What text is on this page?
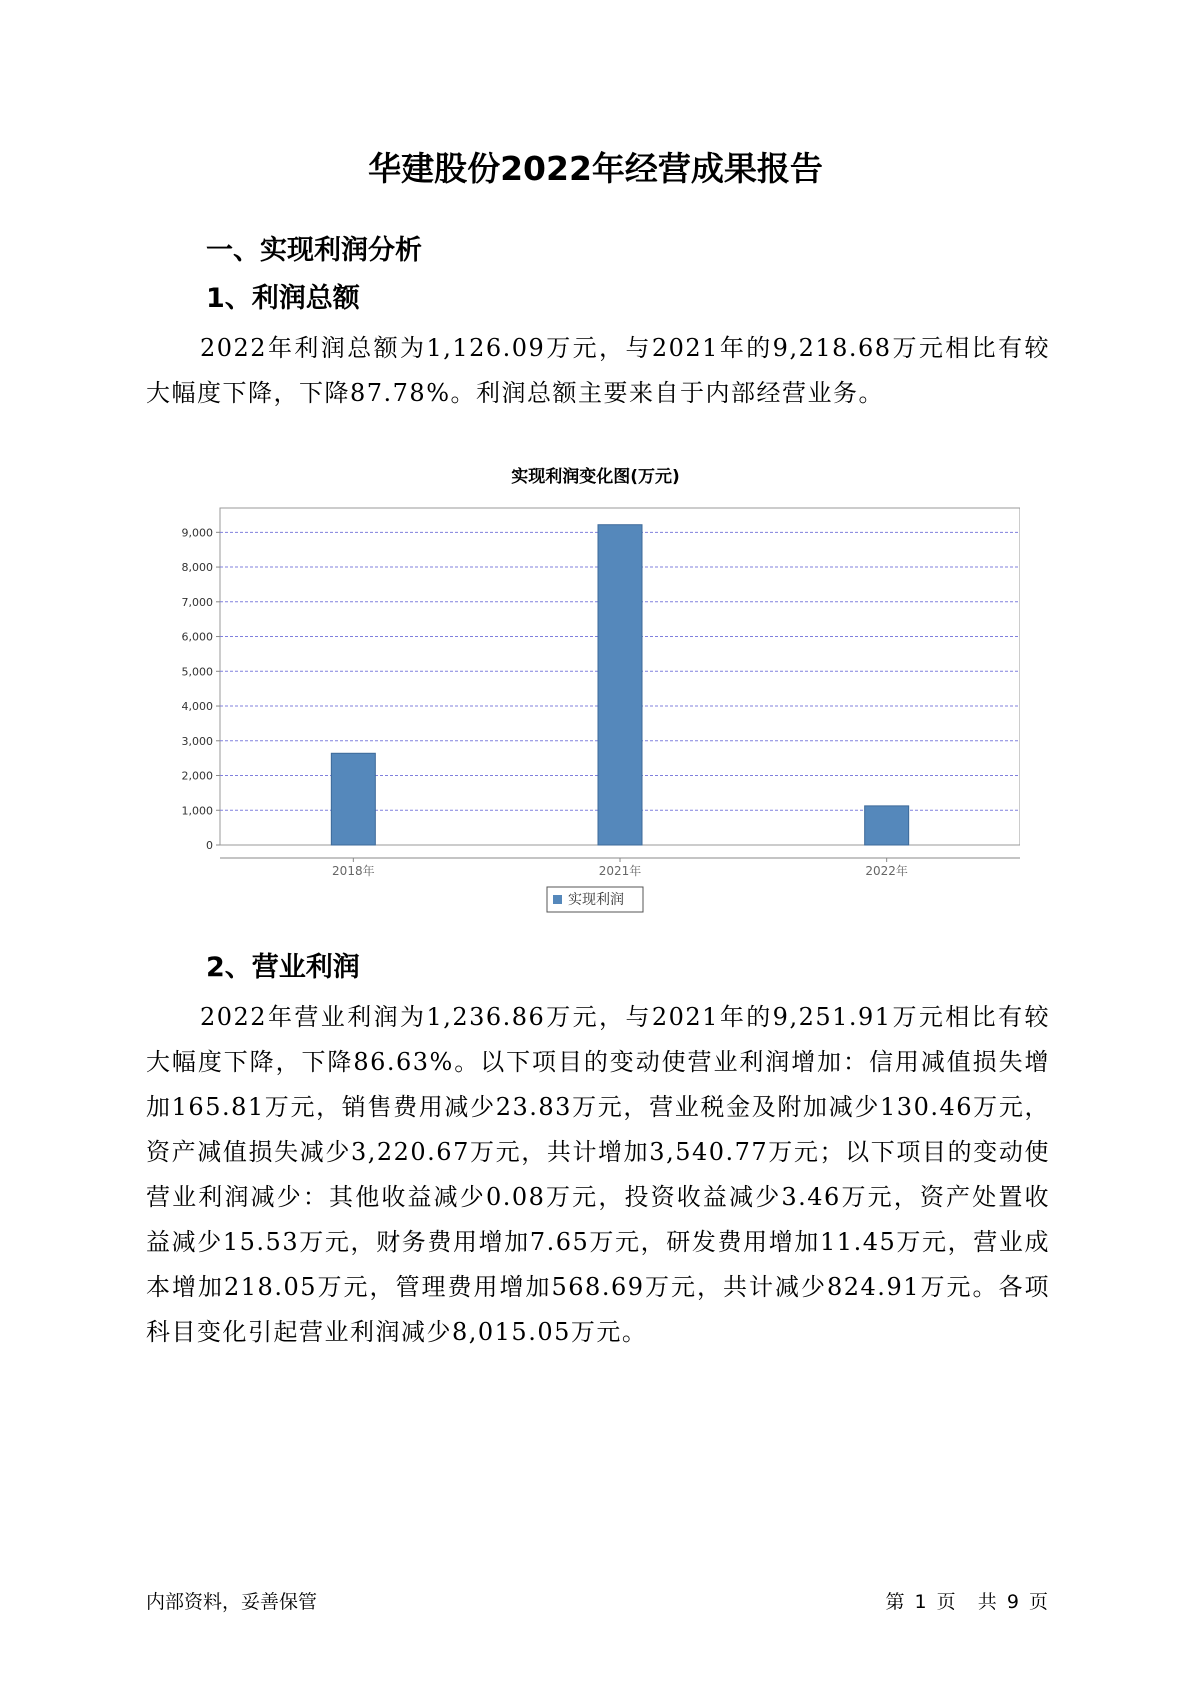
华建股份2022年经营成果报告
一、实现利润分析
1、利润总额
2022年利润总额为1,126.09万元，与2021年的9,218.68万元相比有较大幅度下降，下降87.78%。利润总额主要来自于内部经营业务。
实现利润变化图(万元)
0
1,000
2,000
3,000
4,000
5,000
6,000
7,000
8,000
9,000
2018年	2021年	2022年
实现利润
2、营业利润
2022年营业利润为1,236.86万元，与2021年的9,251.91万元相比有较大幅度下降，下降86.63%。以下项目的变动使营业利润增加：信用减值损失增加165.81万元，销售费用减少23.83万元，营业税金及附加减少130.46万元，资产减值损失减少3,220.67万元，共计增加3,540.77万元；以下项目的变动使营业利润减少：其他收益减少0.08万元，投资收益减少3.46万元，资产处置收益减少15.53万元，财务费用增加7.65万元，研发费用增加11.45万元，营业成本增加218.05万元，管理费用增加568.69万元，共计减少824.91万元。各项科目变化引起营业利润减少8,015.05万元。
内部资料，妥善保管	第 1 页 共 9 页
